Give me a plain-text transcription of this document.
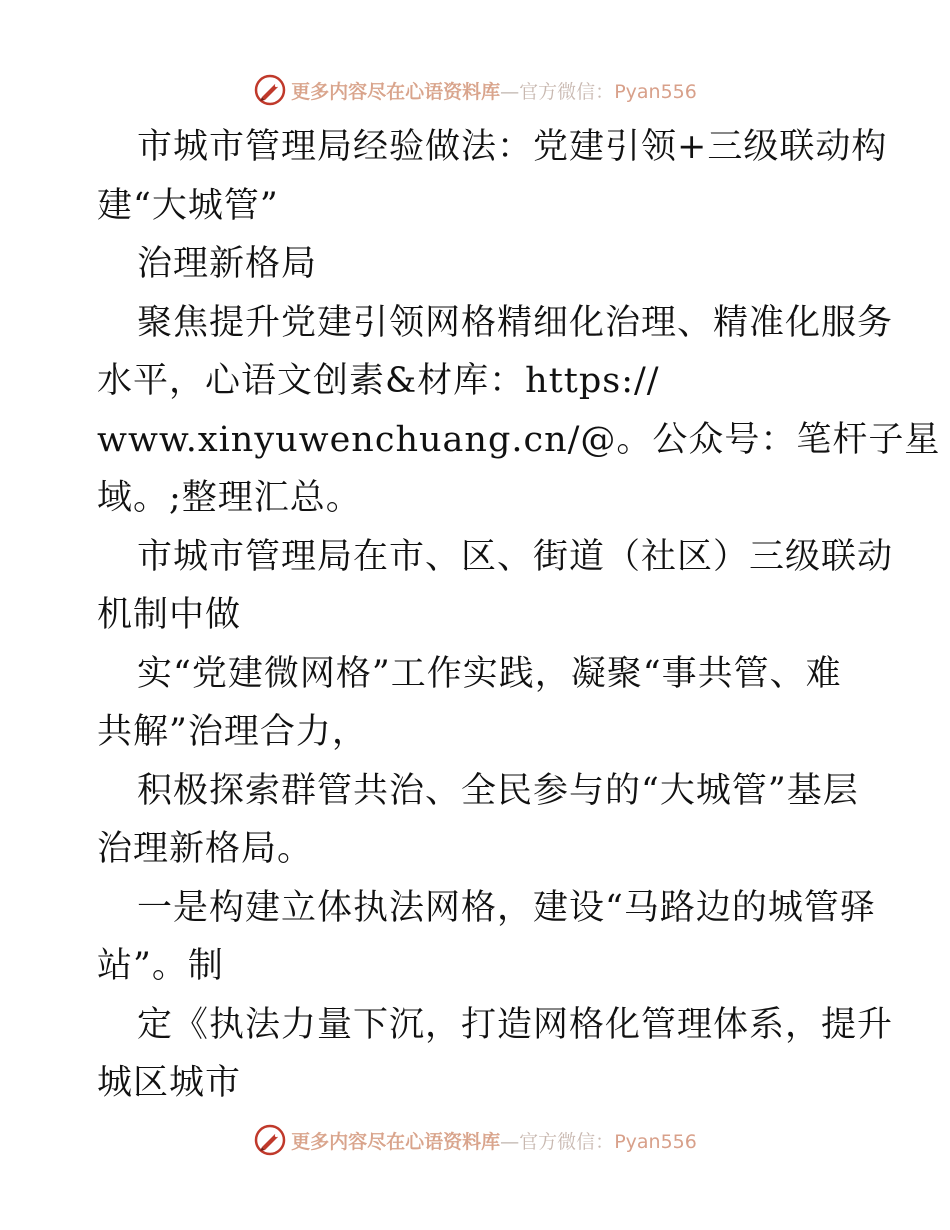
更多内容尽在心语资料库—官方微信：Pyan556
市城市管理局经验做法：党建引领+三级联动构
建“大城管”
治理新格局
聚焦提升党建引领网格精细化治理、精准化服务
水平，心语文创素&材库：https://
www.xinyuwenchuang.cn/@。公众号：笔杆子星
域。;整理汇总。
市城市管理局在市、区、街道（社区）三级联动
机制中做
实“党建微网格”工作实践，凝聚“事共管、难
共解”治理合力，
积极探索群管共治、全民参与的“大城管”基层
治理新格局。
一是构建立体执法网格，建设“马路边的城管驿
站”。制
定《执法力量下沉，打造网格化管理体系，提升
城区城市
更多内容尽在心语资料库—官方微信：Pyan556
